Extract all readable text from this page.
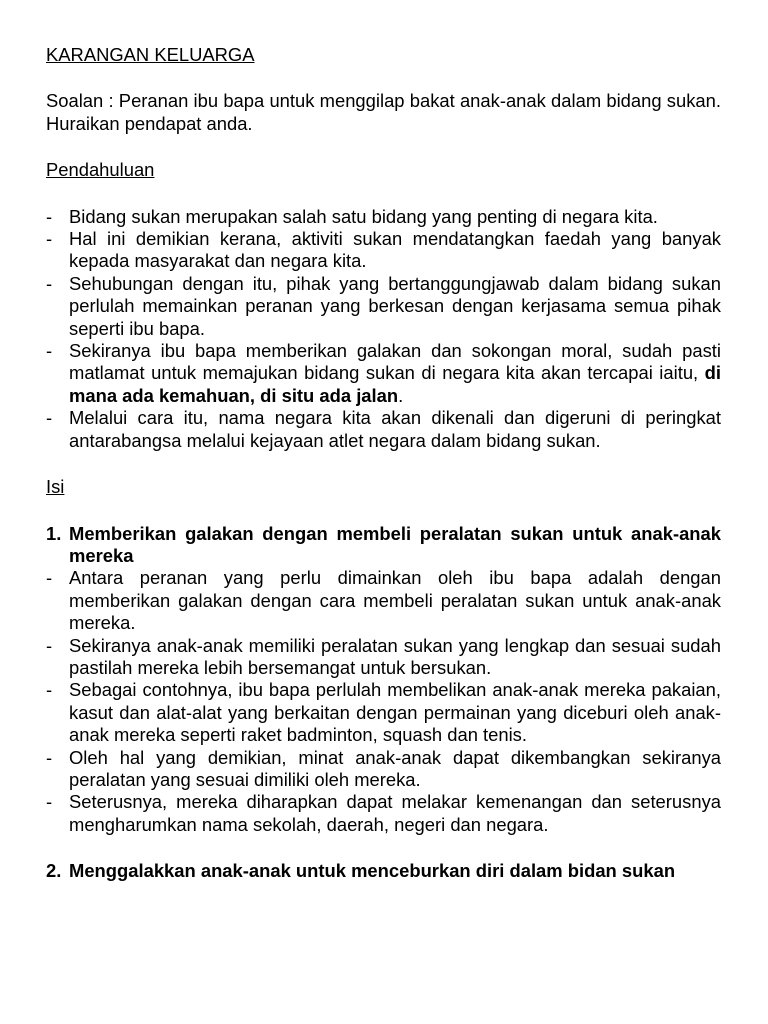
KARANGAN KELUARGA

Soalan : Peranan ibu bapa untuk menggilap bakat anak-anak dalam bidang sukan. Huraikan pendapat anda.

Pendahuluan

- Bidang sukan merupakan salah satu bidang yang penting di negara kita.
- Hal ini demikian kerana, aktiviti sukan mendatangkan faedah yang banyak kepada masyarakat dan negara kita.
- Sehubungan dengan itu, pihak yang bertanggungjawab dalam bidang sukan perlulah memainkan peranan yang berkesan dengan kerjasama semua pihak seperti ibu bapa.
- Sekiranya ibu bapa memberikan galakan dan sokongan moral, sudah pasti matlamat untuk memajukan bidang sukan di negara kita akan tercapai iaitu, di mana ada kemahuan, di situ ada jalan.
- Melalui cara itu, nama negara kita akan dikenali dan digeruni di peringkat antarabangsa melalui kejayaan atlet negara dalam bidang sukan.

Isi

1. Memberikan galakan dengan membeli peralatan sukan untuk anak-anak mereka
- Antara peranan yang perlu dimainkan oleh ibu bapa adalah dengan memberikan galakan dengan cara membeli peralatan sukan untuk anak-anak mereka.
- Sekiranya anak-anak memiliki peralatan sukan yang lengkap dan sesuai sudah pastilah mereka lebih bersemangat untuk bersukan.
- Sebagai contohnya, ibu bapa perlulah membelikan anak-anak mereka pakaian, kasut dan alat-alat yang berkaitan dengan permainan yang diceburi oleh anak-anak mereka seperti raket badminton, squash dan tenis.
- Oleh hal yang demikian, minat anak-anak dapat dikembangkan sekiranya peralatan yang sesuai dimiliki oleh mereka.
- Seterusnya, mereka diharapkan dapat melakar kemenangan dan seterusnya mengharumkan nama sekolah, daerah, negeri dan negara.
2. Menggalakkan anak-anak untuk menceburkan diri dalam bidan sukan
